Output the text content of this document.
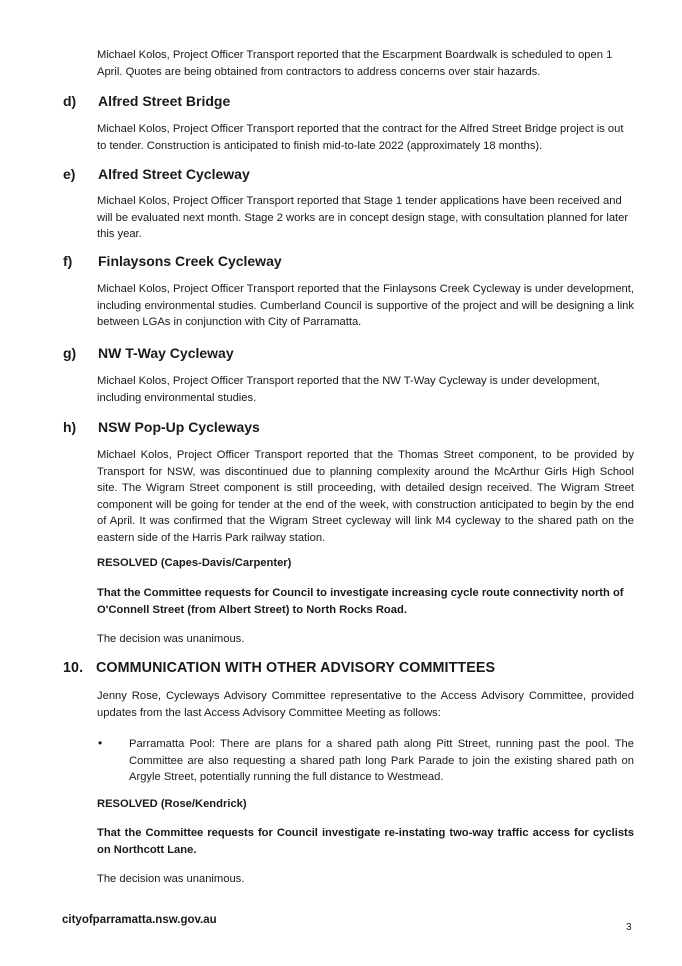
Michael Kolos, Project Officer Transport reported that the Escarpment Boardwalk is scheduled to open 1 April. Quotes are being obtained from contractors to address concerns over stair hazards.

d) Alfred Street Bridge

Michael Kolos, Project Officer Transport reported that the contract for the Alfred Street Bridge project is out to tender. Construction is anticipated to finish mid-to-late 2022 (approximately 18 months).

e) Alfred Street Cycleway

Michael Kolos, Project Officer Transport reported that Stage 1 tender applications have been received and will be evaluated next month. Stage 2 works are in concept design stage, with consultation planned for later this year.

f) Finlaysons Creek Cycleway

Michael Kolos, Project Officer Transport reported that the Finlaysons Creek Cycleway is under development, including environmental studies. Cumberland Council is supportive of the project and will be designing a link between LGAs in conjunction with City of Parramatta.

g) NW T-Way Cycleway

Michael Kolos, Project Officer Transport reported that the NW T-Way Cycleway is under development, including environmental studies.

h) NSW Pop-Up Cycleways

Michael Kolos, Project Officer Transport reported that the Thomas Street component, to be provided by Transport for NSW, was discontinued due to planning complexity around the McArthur Girls High School site. The Wigram Street component is still proceeding, with detailed design received. The Wigram Street component will be going for tender at the end of the week, with construction anticipated to begin by the end of April. It was confirmed that the Wigram Street cycleway will link M4 cycleway to the shared path on the eastern side of the Harris Park railway station.

RESOLVED (Capes-Davis/Carpenter)

That the Committee requests for Council to investigate increasing cycle route connectivity north of O'Connell Street (from Albert Street) to North Rocks Road.

The decision was unanimous.

10. COMMUNICATION WITH OTHER ADVISORY COMMITTEES

Jenny Rose, Cycleways Advisory Committee representative to the Access Advisory Committee, provided updates from the last Access Advisory Committee Meeting as follows:

• Parramatta Pool: There are plans for a shared path along Pitt Street, running past the pool. The Committee are also requesting a shared path long Park Parade to join the existing shared path on Argyle Street, potentially running the full distance to Westmead.

RESOLVED (Rose/Kendrick)

That the Committee requests for Council investigate re-instating two-way traffic access for cyclists on Northcott Lane.

The decision was unanimous.

cityofparramatta.nsw.gov.au
3
